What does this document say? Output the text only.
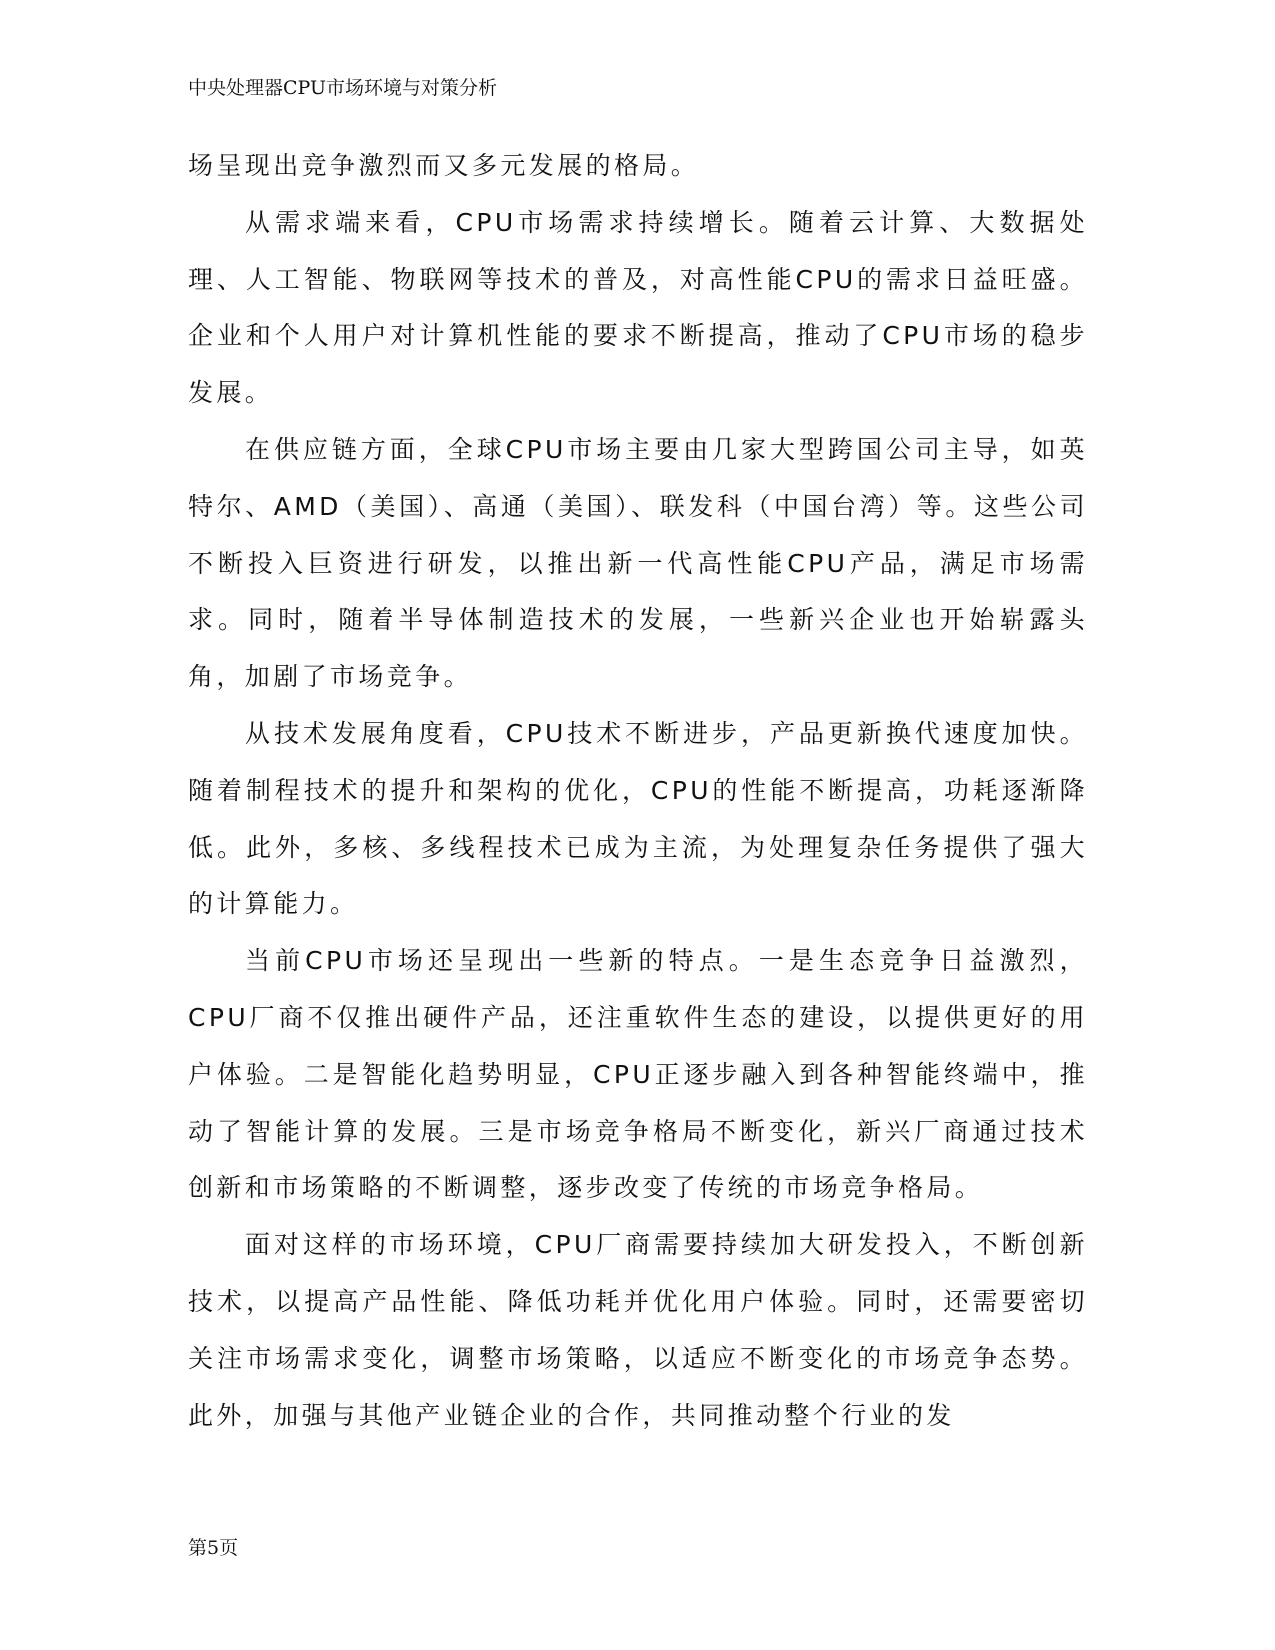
中央处理器CPU市场环境与对策分析

场呈现出竞争激烈而又多元发展的格局。

从需求端来看，CPU市场需求持续增长。随着云计算、大数据处理、人工智能、物联网等技术的普及，对高性能CPU的需求日益旺盛。企业和个人用户对计算机性能的要求不断提高，推动了CPU市场的稳步发展。

在供应链方面，全球CPU市场主要由几家大型跨国公司主导，如英特尔、AMD（美国）、高通（美国）、联发科（中国台湾）等。这些公司不断投入巨资进行研发，以推出新一代高性能CPU产品，满足市场需求。同时，随着半导体制造技术的发展，一些新兴企业也开始崭露头角，加剧了市场竞争。

从技术发展角度看，CPU技术不断进步，产品更新换代速度加快。随着制程技术的提升和架构的优化，CPU的性能不断提高，功耗逐渐降低。此外，多核、多线程技术已成为主流，为处理复杂任务提供了强大的计算能力。

当前CPU市场还呈现出一些新的特点。一是生态竞争日益激烈，CPU厂商不仅推出硬件产品，还注重软件生态的建设，以提供更好的用户体验。二是智能化趋势明显，CPU正逐步融入到各种智能终端中，推动了智能计算的发展。三是市场竞争格局不断变化，新兴厂商通过技术创新和市场策略的不断调整，逐步改变了传统的市场竞争格局。

面对这样的市场环境，CPU厂商需要持续加大研发投入，不断创新技术，以提高产品性能、降低功耗并优化用户体验。同时，还需要密切关注市场需求变化，调整市场策略，以适应不断变化的市场竞争态势。此外，加强与其他产业链企业的合作，共同推动整个行业的发

第5页
